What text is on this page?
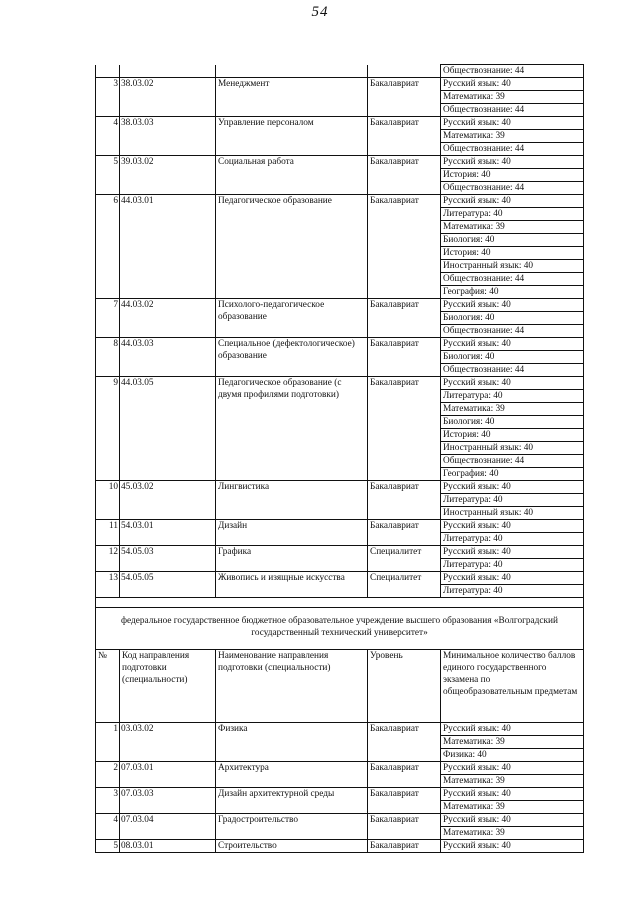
54
				Обществознание: 44
3	38.03.02	Менеджмент	Бакалавриат	Русский язык: 40
				Математика: 39
				Обществознание: 44
4	38.03.03	Управление персоналом	Бакалавриат	Русский язык: 40
				Математика: 39
				Обществознание: 44
5	39.03.02	Социальная работа	Бакалавриат	Русский язык: 40
				История: 40
				Обществознание: 44
6	44.03.01	Педагогическое образование	Бакалавриат	Русский язык: 40
				Литература: 40
				Математика: 39
				Биология: 40
				История: 40
				Иностранный язык: 40
				Обществознание: 44
				География: 40
7	44.03.02	Психолого-педагогическое образование	Бакалавриат	Русский язык: 40
				Биология: 40
				Обществознание: 44
8	44.03.03	Специальное (дефектологическое) образование	Бакалавриат	Русский язык: 40
				Биология: 40
				Обществознание: 44
9	44.03.05	Педагогическое образование (с двумя профилями подготовки)	Бакалавриат	Русский язык: 40
				Литература: 40
				Математика: 39
				Биология: 40
				История: 40
				Иностранный язык: 40
				Обществознание: 44
				География: 40
10	45.03.02	Лингвистика	Бакалавриат	Русский язык: 40
				Литература: 40
				Иностранный язык: 40
11	54.03.01	Дизайн	Бакалавриат	Русский язык: 40
				Литература: 40
12	54.05.03	Графика	Специалитет	Русский язык: 40
				Литература: 40
13	54.05.05	Живопись и изящные искусства	Специалитет	Русский язык: 40
				Литература: 40

федеральное государственное бюджетное образовательное учреждение высшего образования «Волгоградский государственный технический университет»				
№	Код направления подготовки (специальности)	Наименование направления подготовки (специальности)	Уровень	Минимальное количество баллов единого государственного экзамена по общеобразовательным предметам
1	03.03.02	Физика	Бакалавриат	Русский язык: 40
				Математика: 39
				Физика: 40
2	07.03.01	Архитектура	Бакалавриат	Русский язык: 40
				Математика: 39
3	07.03.03	Дизайн архитектурной среды	Бакалавриат	Русский язык: 40
				Математика: 39
4	07.03.04	Градостроительство	Бакалавриат	Русский язык: 40
				Математика: 39
5	08.03.01	Строительство	Бакалавриат	Русский язык: 40
